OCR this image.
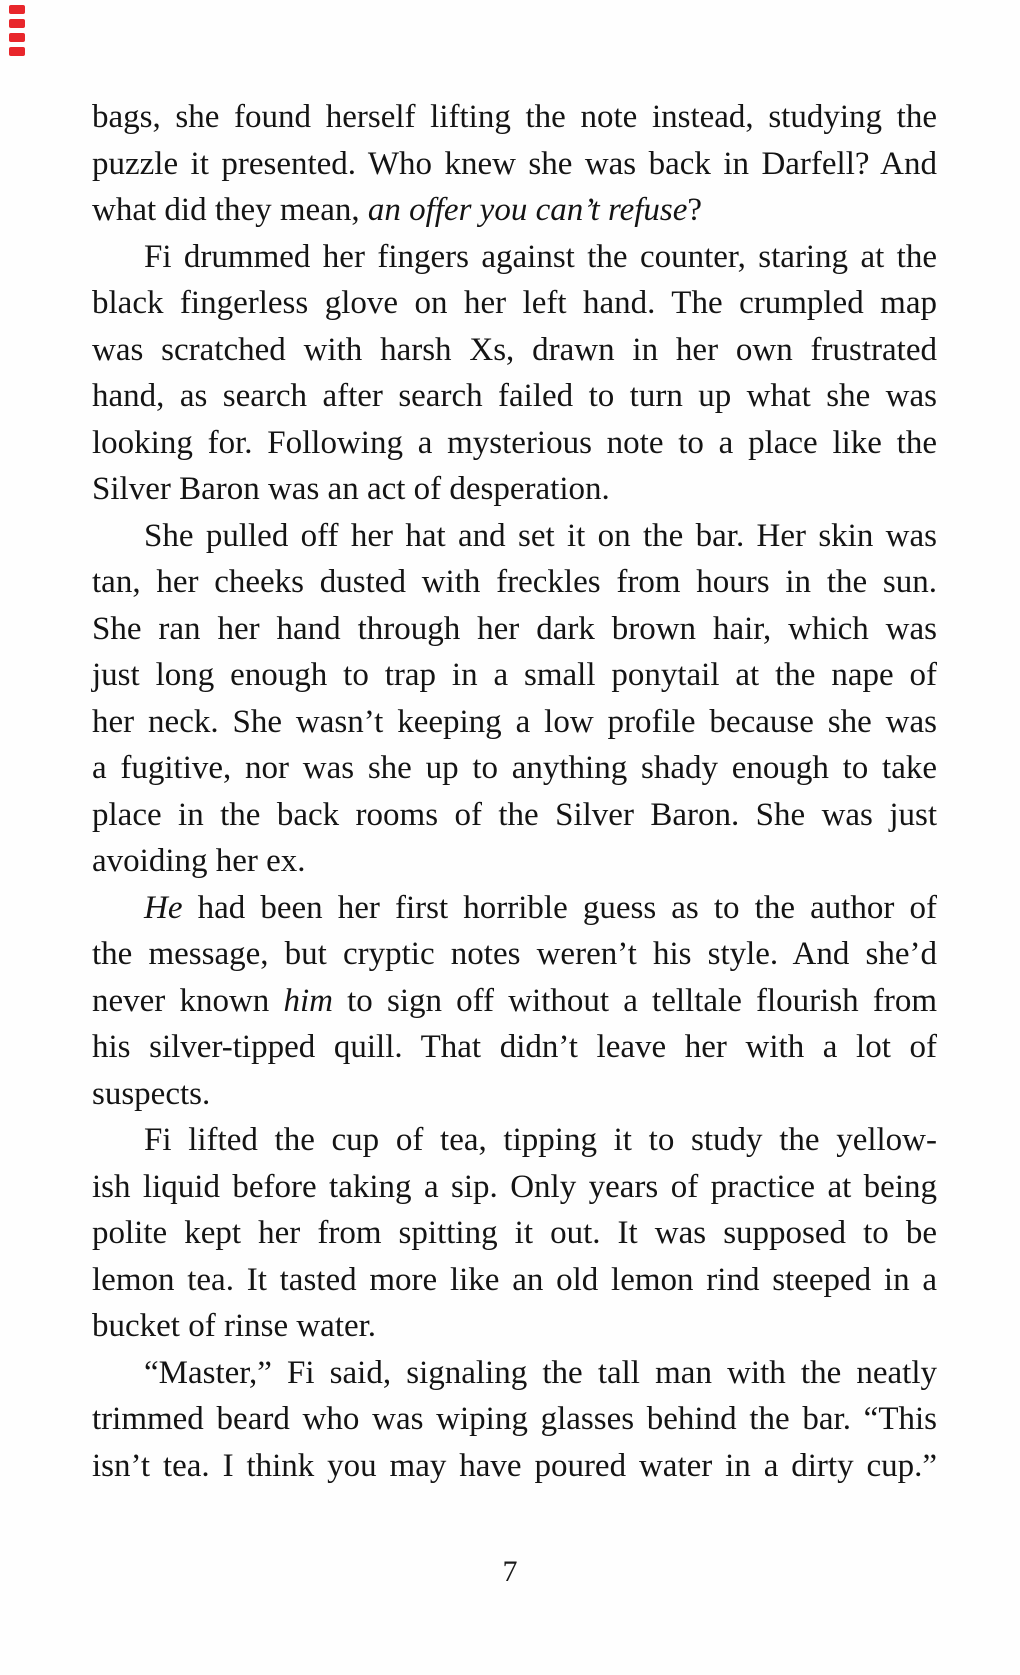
bags, she found herself lifting the note instead, studying the
puzzle it presented. Who knew she was back in Darfell? And
what did they mean, an offer you can’t refuse?
Fi drummed her fingers against the counter, staring at the
black fingerless glove on her left hand. The crumpled map
was scratched with harsh Xs, drawn in her own frustrated
hand, as search after search failed to turn up what she was
looking for. Following a mysterious note to a place like the
Silver Baron was an act of desperation.
She pulled off her hat and set it on the bar. Her skin was
tan, her cheeks dusted with freckles from hours in the sun.
She ran her hand through her dark brown hair, which was
just long enough to trap in a small ponytail at the nape of
her neck. She wasn’t keeping a low profile because she was
a fugitive, nor was she up to anything shady enough to take
place in the back rooms of the Silver Baron. She was just
avoiding her ex.
He had been her first horrible guess as to the author of
the message, but cryptic notes weren’t his style. And she’d
never known him to sign off without a telltale flourish from
his silver-tipped quill. That didn’t leave her with a lot of
suspects.
Fi lifted the cup of tea, tipping it to study the yellow-
ish liquid before taking a sip. Only years of practice at being
polite kept her from spitting it out. It was supposed to be
lemon tea. It tasted more like an old lemon rind steeped in a
bucket of rinse water.
“Master,” Fi said, signaling the tall man with the neatly
trimmed beard who was wiping glasses behind the bar. “This
isn’t tea. I think you may have poured water in a dirty cup.”
7
